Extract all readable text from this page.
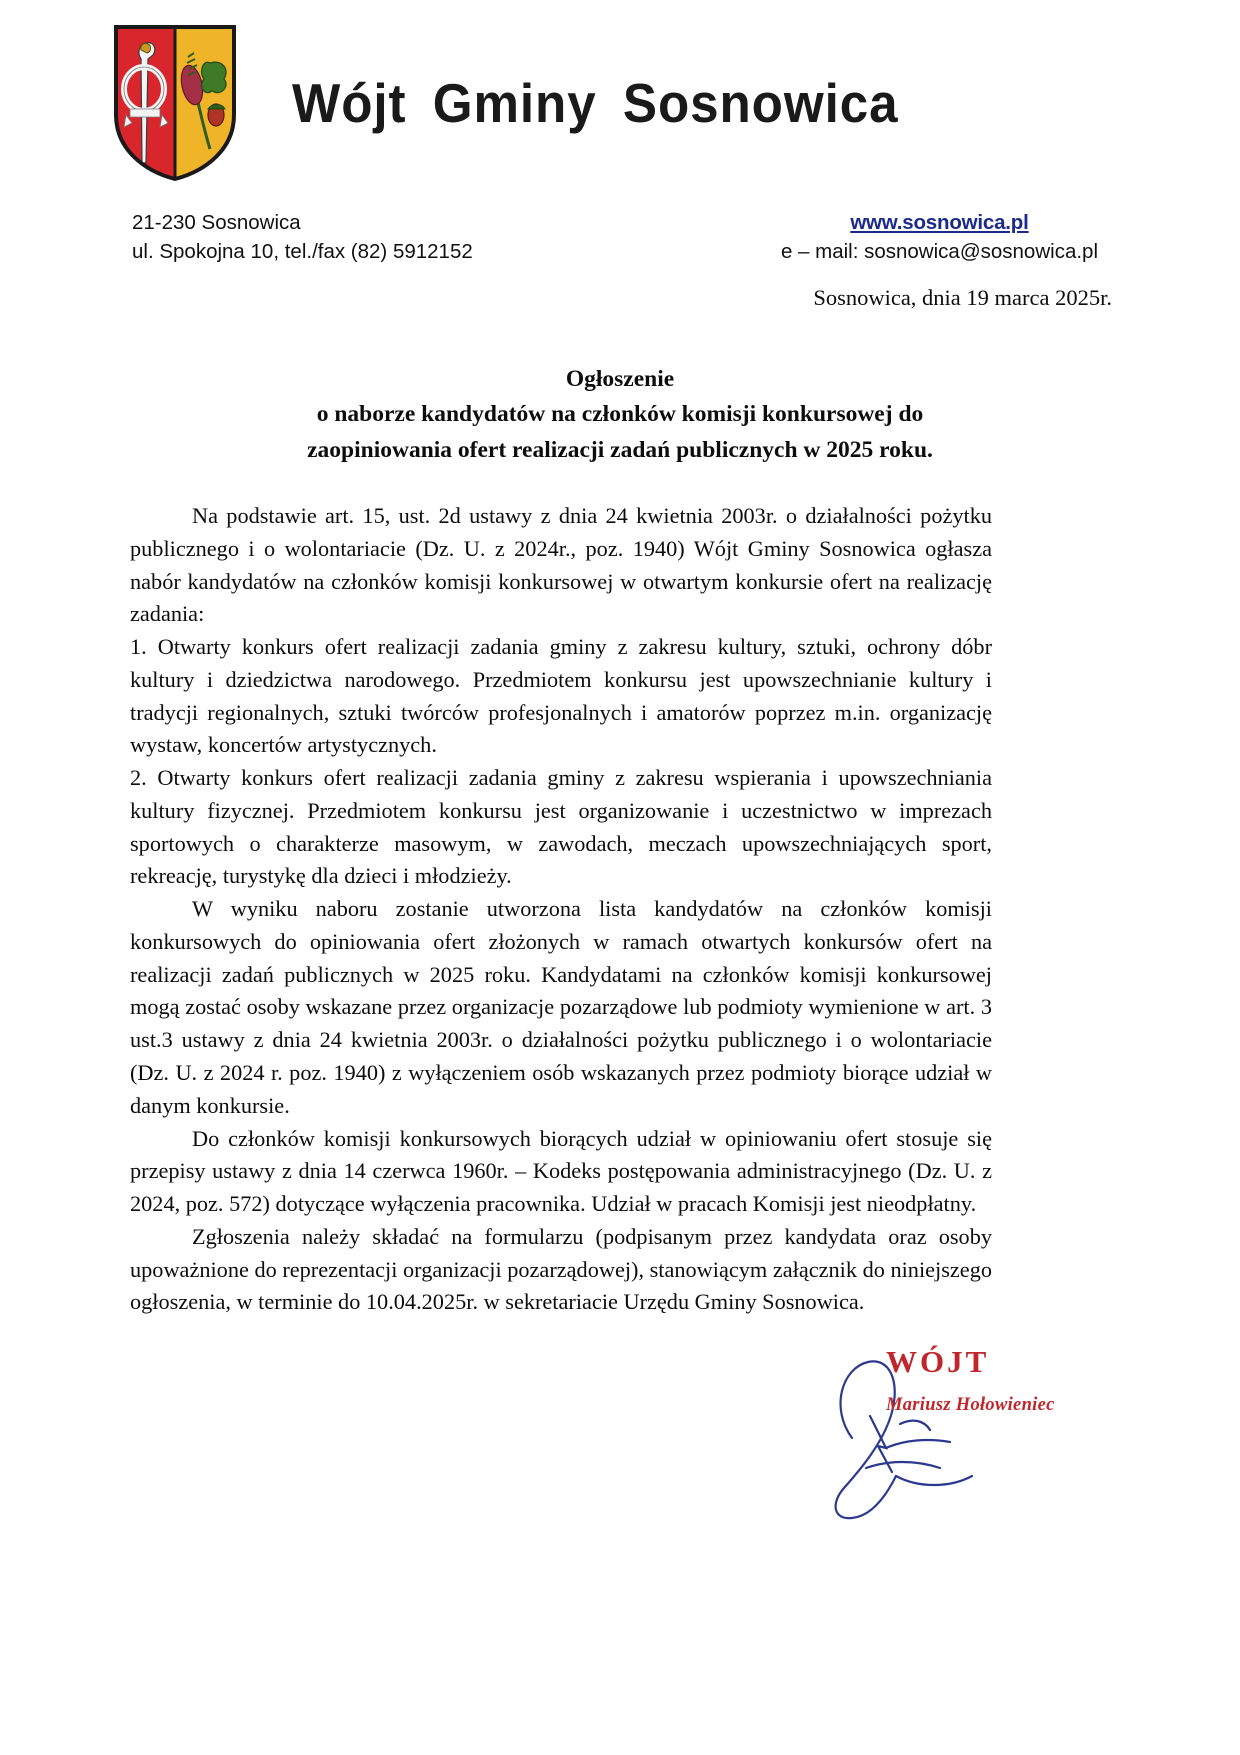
Wójt Gminy Sosnowica
21-230 Sosnowica
ul. Spokojna 10, tel./fax (82) 5912152
www.sosnowica.pl
e – mail: sosnowica@sosnowica.pl
Sosnowica, dnia 19 marca 2025r.
Ogłoszenie
o naborze kandydatów na członków komisji konkursowej do
zaopiniowania ofert realizacji zadań publicznych w 2025 roku.

Na podstawie art. 15, ust. 2d ustawy z dnia 24 kwietnia 2003r. o działalności pożytku publicznego i o wolontariacie (Dz. U. z 2024r., poz. 1940) Wójt Gminy Sosnowica ogłasza nabór kandydatów na członków komisji konkursowej w otwartym konkursie ofert na realizację zadania:

1. Otwarty konkurs ofert realizacji zadania gminy z zakresu kultury, sztuki, ochrony dóbr kultury i dziedzictwa narodowego. Przedmiotem konkursu jest upowszechnianie kultury i tradycji regionalnych, sztuki twórców profesjonalnych i amatorów poprzez m.in. organizację wystaw, koncertów artystycznych.

2. Otwarty konkurs ofert realizacji zadania gminy z zakresu wspierania i upowszechniania kultury fizycznej. Przedmiotem konkursu jest organizowanie i uczestnictwo w imprezach sportowych o charakterze masowym, w zawodach, meczach upowszechniających sport, rekreację, turystykę dla dzieci i młodzieży.

W wyniku naboru zostanie utworzona lista kandydatów na członków komisji konkursowych do opiniowania ofert złożonych w ramach otwartych konkursów ofert na realizacji zadań publicznych w 2025 roku. Kandydatami na członków komisji konkursowej mogą zostać osoby wskazane przez organizacje pozarządowe lub podmioty wymienione w art. 3 ust.3 ustawy z dnia 24 kwietnia 2003r. o działalności pożytku publicznego i o wolontariacie (Dz. U. z 2024 r. poz. 1940) z wyłączeniem osób wskazanych przez podmioty biorące udział w danym konkursie.

Do członków komisji konkursowych biorących udział w opiniowaniu ofert stosuje się przepisy ustawy z dnia 14 czerwca 1960r. – Kodeks postępowania administracyjnego (Dz. U. z 2024, poz. 572) dotyczące wyłączenia pracownika. Udział w pracach Komisji jest nieodpłatny.

Zgłoszenia należy składać na formularzu (podpisanym przez kandydata oraz osoby upoważnione do reprezentacji organizacji pozarządowej), stanowiącym załącznik do niniejszego ogłoszenia, w terminie do 10.04.2025r. w sekretariacie Urzędu Gminy Sosnowica.

WÓJT
Mariusz Hołowieniec
